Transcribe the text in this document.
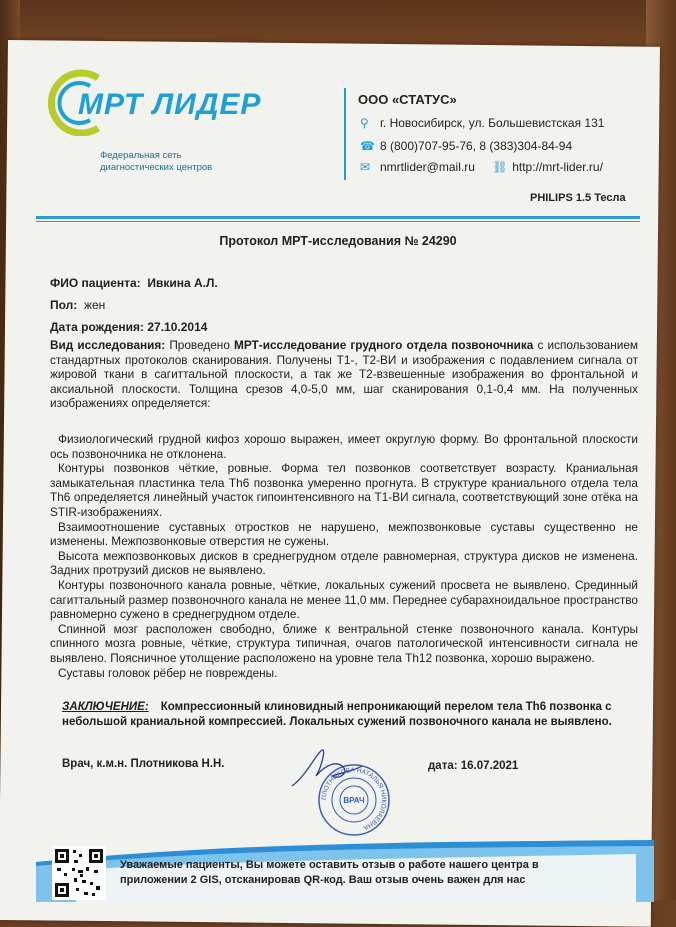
МРТ ЛИДЕР
Федеральная сеть
диагностических центров
ООО «СТАТУС»
⚲ г. Новосибирск, ул. Большевистская 131
☎ 8 (800)707-95-76, 8 (383)304-84-94
✉ nmrtlider@mail.ru ⛓ http://mrt-lider.ru/
PHILIPS 1.5 Тесла
Протокол МРТ-исследования № 24290
ФИО пациента: Ивкина А.Л.
Пол: жен
Дата рождения: 27.10.2014
Вид исследования: Проведено МРТ-исследование грудного отдела позвоночника с использованием стандартных протоколов сканирования. Получены Т1-, Т2-ВИ и изображения с подавлением сигнала от жировой ткани в сагиттальной плоскости, а так же Т2-взвешенные изображения во фронтальной и аксиальной плоскости. Толщина срезов 4,0-5,0 мм, шаг сканирования 0,1-0,4 мм. На полученных изображениях определяется:

Физиологический грудной кифоз хорошо выражен, имеет округлую форму. Во фронтальной плоскости ось позвоночника не отклонена.

Контуры позвонков чёткие, ровные. Форма тел позвонков соответствует возрасту. Краниальная замыкательная пластинка тела Th6 позвонка умеренно прогнута. В структуре краниального отдела тела Th6 определяется линейный участок гипоинтенсивного на Т1-ВИ сигнала, соответствующий зоне отёка на STIR-изображениях.

Взаимоотношение суставных отростков не нарушено, межпозвонковые суставы существенно не изменены. Межпозвонковые отверстия не сужены.

Высота межпозвонковых дисков в среднегрудном отделе равномерная, структура дисков не изменена. Задних протрузий дисков не выявлено.

Контуры позвоночного канала ровные, чёткие, локальных сужений просвета не выявлено. Срединный сагиттальный размер позвоночного канала не менее 11,0 мм. Переднее субарахноидальное пространство равномерно сужено в среднегрудном отделе.

Спинной мозг расположен свободно, ближе к вентральной стенке позвоночного канала. Контуры спинного мозга ровные, чёткие, структура типичная, очагов патологической интенсивности сигнала не выявлено. Поясничное утолщение расположено на уровне тела Th12 позвонка, хорошо выражено.

Суставы головок рёбер не повреждены.

ЗАКЛЮЧЕНИЕ: Компрессионный клиновидный непроникающий перелом тела Th6 позвонка с небольшой краниальной компрессией. Локальных сужений позвоночного канала не выявлено.
Врач, к.м.н. Плотникова Н.Н.	дата: 16.07.2021
ПЛОТНИКОВА НАТАЛЬЯ НИКОЛАЕВНА
ВРАЧ
Уважаемые пациенты, Вы можете оставить отзыв о работе нашего центра в приложении 2 GIS, отсканировав QR-код. Ваш отзыв очень важен для нас
